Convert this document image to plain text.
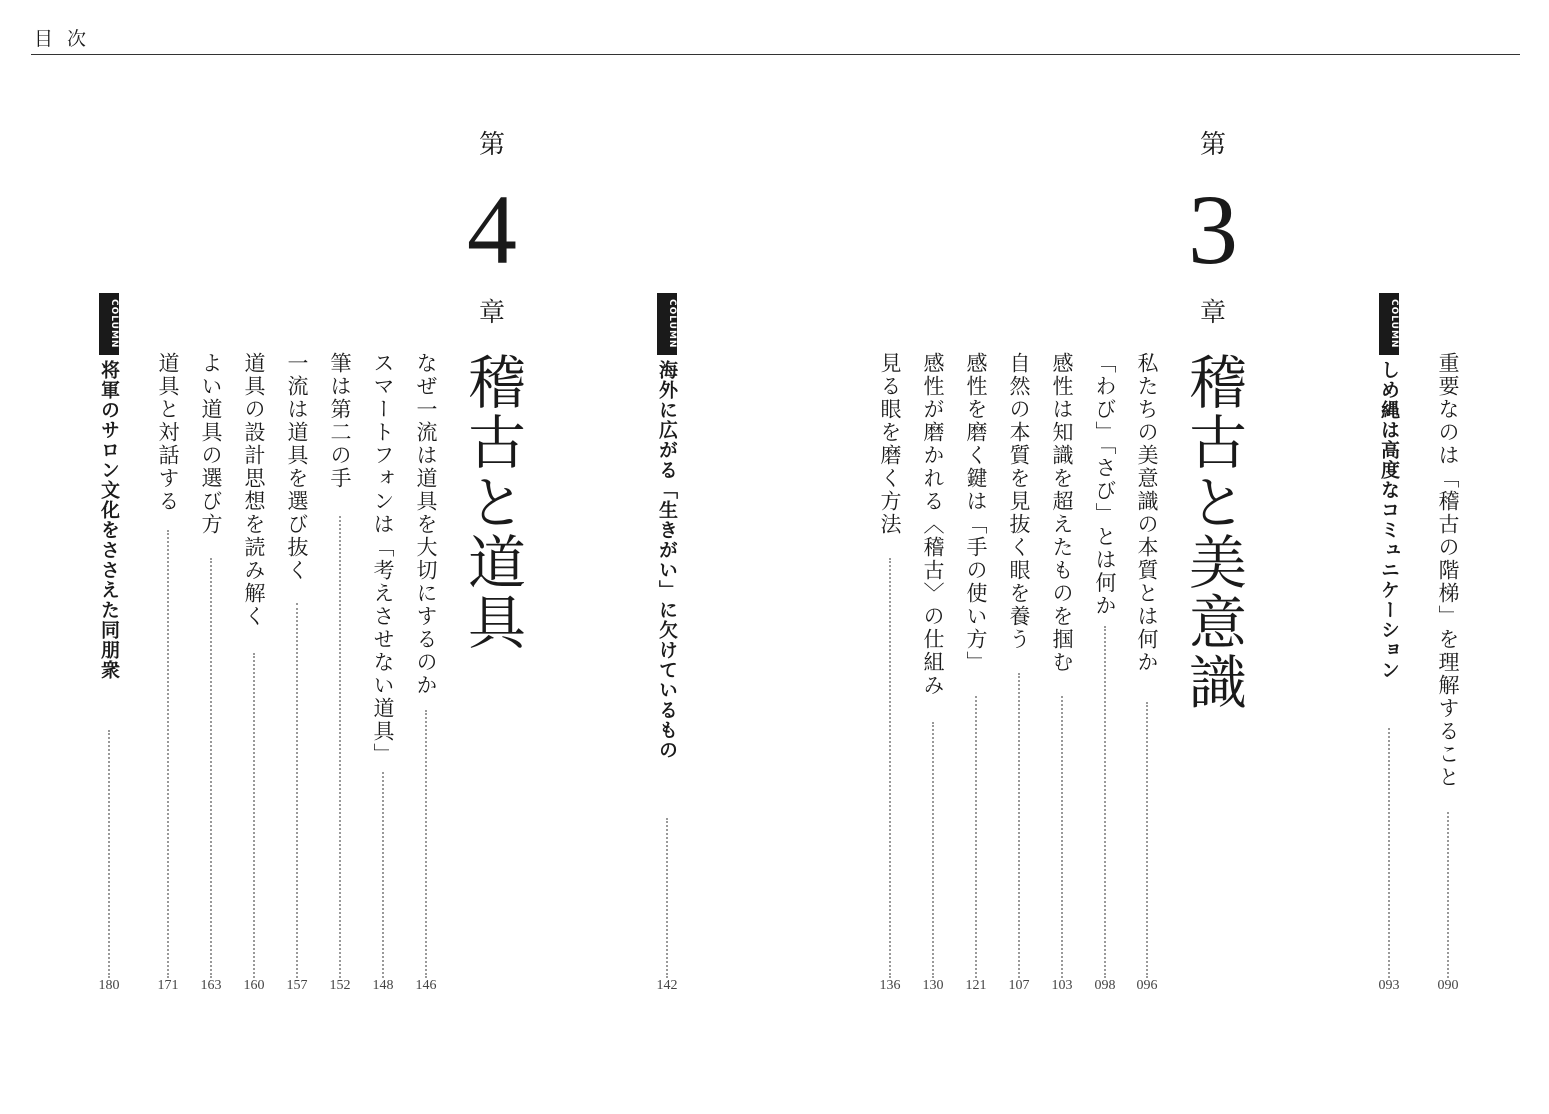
目次
第
3
章
稽古と美意識
第
4
章
稽古と道具
COLUMN
COLUMN
COLUMN
重要なのは「稽古の階梯」を理解すること
090
しめ縄は高度なコミュニケーション
093
私たちの美意識の本質とは何か
096
「わび」「さび」とは何か
098
感性は知識を超えたものを掴む
103
自然の本質を見抜く眼を養う
107
感性を磨く鍵は「手の使い方」
121
感性が磨かれる〈稽古〉の仕組み
130
見る眼を磨く方法
136
海外に広がる「生きがい」に欠けているもの
142
なぜ一流は道具を大切にするのか
146
スマートフォンは「考えさせない道具」
148
筆は第二の手
152
一流は道具を選び抜く
157
道具の設計思想を読み解く
160
よい道具の選び方
163
道具と対話する
171
将軍のサロン文化をささえた同朋衆
180
